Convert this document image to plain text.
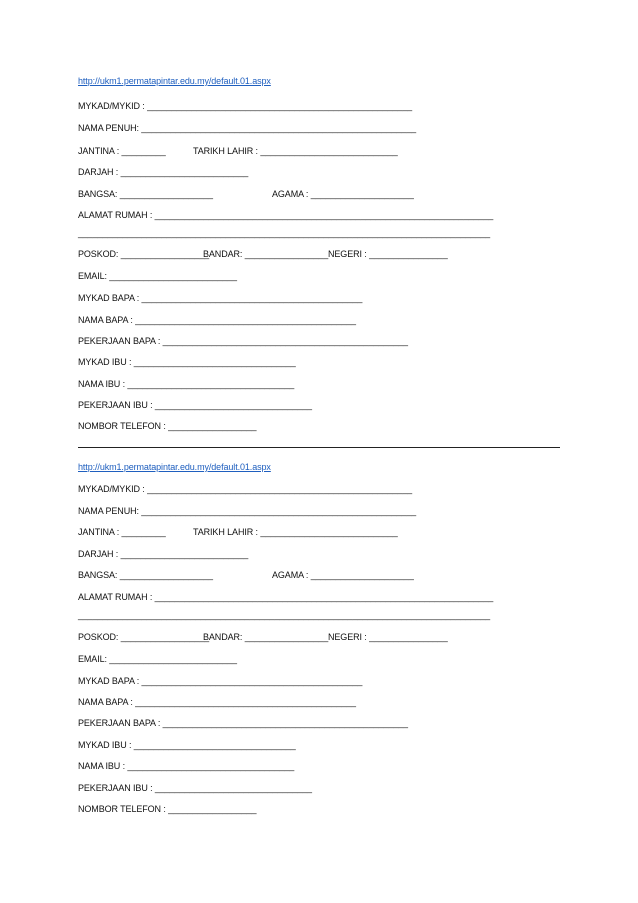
http://ukm1.permatapintar.edu.my/default.01.aspx
MYKAD/MYKID : ______________________________________________________
NAMA PENUH: ________________________________________________________
JANTINA : _________	TARIKH LAHIR : ____________________________
DARJAH : __________________________
BANGSA: ___________________	AGAMA : _____________________
ALAMAT RUMAH : _____________________________________________________________________
____________________________________________________________________________________
POSKOD: __________________
BANDAR: _________________ NEGERI : ________________
EMAIL: __________________________
MYKAD BAPA : _____________________________________________
NAMA BAPA : _____________________________________________
PEKERJAAN BAPA : __________________________________________________
MYKAD IBU : _________________________________
NAMA IBU : __________________________________
PEKERJAAN IBU : ________________________________
NOMBOR TELEFON : __________________
http://ukm1.permatapintar.edu.my/default.01.aspx
MYKAD/MYKID : ______________________________________________________
NAMA PENUH: ________________________________________________________
JANTINA : _________	TARIKH LAHIR : ____________________________
DARJAH : __________________________
BANGSA: ___________________	AGAMA : _____________________
ALAMAT RUMAH : _____________________________________________________________________
____________________________________________________________________________________
POSKOD: __________________
BANDAR: _________________ NEGERI : ________________
EMAIL: __________________________
MYKAD BAPA : _____________________________________________
NAMA BAPA : _____________________________________________
PEKERJAAN BAPA : __________________________________________________
MYKAD IBU : _________________________________
NAMA IBU : __________________________________
PEKERJAAN IBU : ________________________________
NOMBOR TELEFON : __________________
